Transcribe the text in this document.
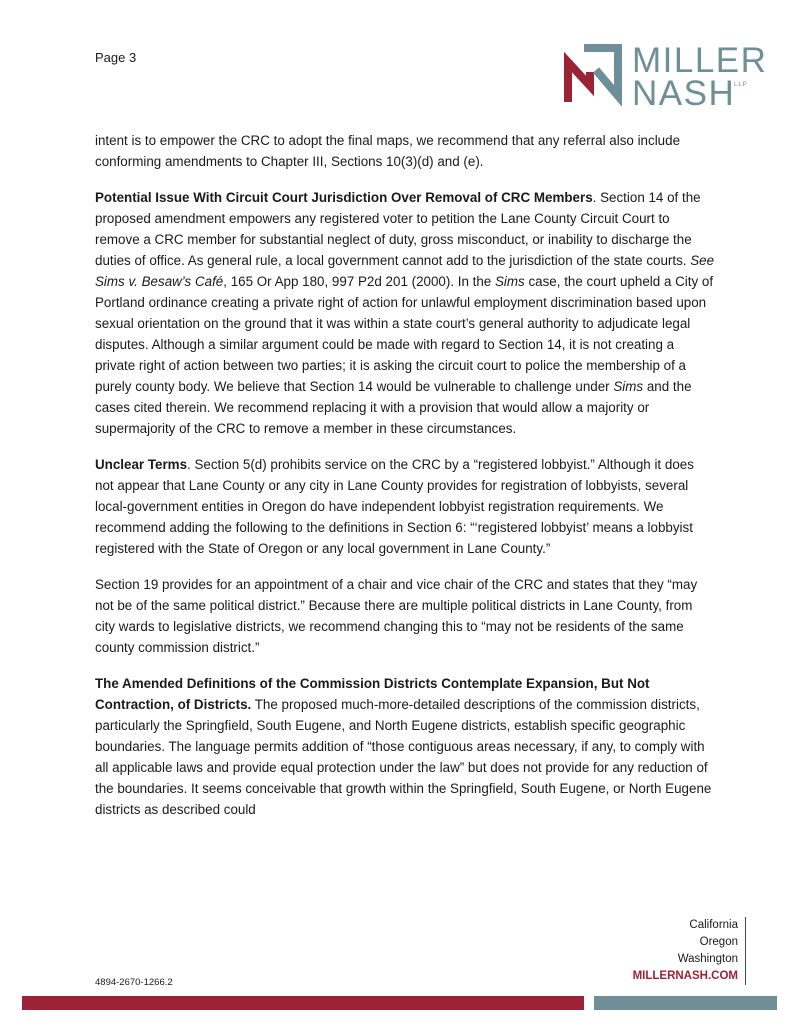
Page 3	MILLER
NASH
LLP

intent is to empower the CRC to adopt the final maps, we recommend that any referral also include conforming amendments to Chapter III, Sections 10(3)(d) and (e).

Potential Issue With Circuit Court Jurisdiction Over Removal of CRC Members. Section 14 of the proposed amendment empowers any registered voter to petition the Lane County Circuit Court to remove a CRC member for substantial neglect of duty, gross misconduct, or inability to discharge the duties of office. As general rule, a local government cannot add to the jurisdiction of the state courts. See Sims v. Besaw’s Café, 165 Or App 180, 997 P2d 201 (2000). In the Sims case, the court upheld a City of Portland ordinance creating a private right of action for unlawful employment discrimination based upon sexual orientation on the ground that it was within a state court’s general authority to adjudicate legal disputes. Although a similar argument could be made with regard to Section 14, it is not creating a private right of action between two parties; it is asking the circuit court to police the membership of a purely county body. We believe that Section 14 would be vulnerable to challenge under Sims and the cases cited therein. We recommend replacing it with a provision that would allow a majority or supermajority of the CRC to remove a member in these circumstances.

Unclear Terms. Section 5(d) prohibits service on the CRC by a “registered lobbyist.” Although it does not appear that Lane County or any city in Lane County provides for registration of lobbyists, several local-government entities in Oregon do have independent lobbyist registration requirements. We recommend adding the following to the definitions in Section 6: “‘registered lobbyist’ means a lobbyist registered with the State of Oregon or any local government in Lane County.”

Section 19 provides for an appointment of a chair and vice chair of the CRC and states that they “may not be of the same political district.” Because there are multiple political districts in Lane County, from city wards to legislative districts, we recommend changing this to “may not be residents of the same county commission district.”

The Amended Definitions of the Commission Districts Contemplate Expansion, But Not Contraction, of Districts. The proposed much-more-detailed descriptions of the commission districts, particularly the Springfield, South Eugene, and North Eugene districts, establish specific geographic boundaries. The language permits addition of “those contiguous areas necessary, if any, to comply with all applicable laws and provide equal protection under the law” but does not provide for any reduction of the boundaries. It seems conceivable that growth within the Springfield, South Eugene, or North Eugene districts as described could

California
Oregon
Washington
MILLERNASH.COM
4894-2670-1266.2
